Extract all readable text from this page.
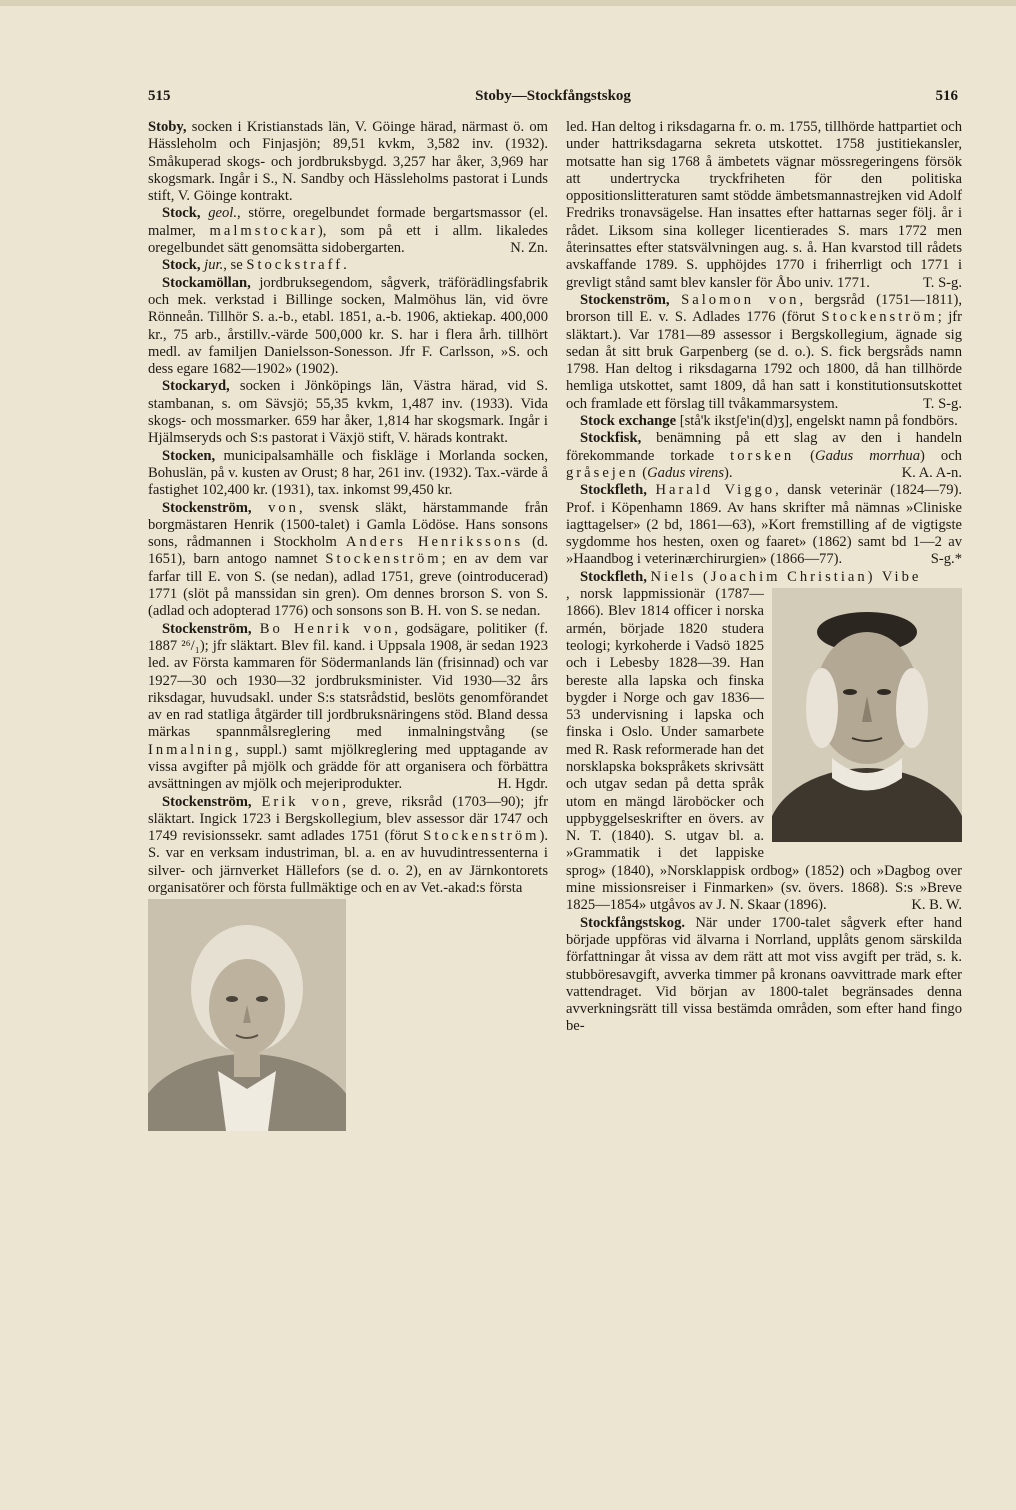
515	Stoby—Stockfångstskog	516

Stoby, socken i Kristianstads län, V. Göinge härad, närmast ö. om Hässleholm och Finjasjön; 89,51 kvkm, 3,582 inv. (1932). Småkuperad skogs- och jordbruksbygd. 3,257 har åker, 3,969 har skogsmark. Ingår i S., N. Sandby och Hässleholms pastorat i Lunds stift, V. Göinge kontrakt.

Stock, geol., större, oregelbundet formade bergartsmassor (el. malmer, malmstockar), som på ett i allm. likaledes oregelbundet sätt genomsätta sidobergarten.	N. Zn.

Stock, jur., se Stockstraff.

Stockamöllan, jordbruksegendom, sågverk, träförädlingsfabrik och mek. verkstad i Billinge socken, Malmöhus län, vid övre Rönneån. Tillhör S. a.-b., etabl. 1851, a.-b. 1906, aktiekap. 400,000 kr., 75 arb., årstillv.-värde 500,000 kr. S. har i flera årh. tillhört medl. av familjen Danielsson-Sonesson. Jfr F. Carlsson, »S. och dess egare 1682—1902» (1902).

Stockaryd, socken i Jönköpings län, Västra härad, vid S. stambanan, s. om Sävsjö; 55,35 kvkm, 1,487 inv. (1933). Vida skogs- och mossmarker. 659 har åker, 1,814 har skogsmark. Ingår i Hjälmseryds och S:s pastorat i Växjö stift, V. härads kontrakt.

Stocken, municipalsamhälle och fiskläge i Morlanda socken, Bohuslän, på v. kusten av Orust; 8 har, 261 inv. (1932). Tax.-värde å fastighet 102,400 kr. (1931), tax. inkomst 99,450 kr.

Stockenström, von, svensk släkt, härstammande från borgmästaren Henrik (1500-talet) i Gamla Lödöse. Hans sonsons sons, rådmannen i Stockholm Anders Henrikssons (d. 1651), barn antogo namnet Stockenström; en av dem var farfar till E. von S. (se nedan), adlad 1751, greve (ointroducerad) 1771 (slöt på manssidan sin gren). Om dennes brorson S. von S. (adlad och adopterad 1776) och sonsons son B. H. von S. se nedan.

Stockenström, Bo Henrik von, godsägare, politiker (f. 1887 ²⁶/₁); jfr släktart. Blev fil. kand. i Uppsala 1908, är sedan 1923 led. av Första kammaren för Södermanlands län (frisinnad) och var 1927—30 och 1930—32 jordbruksminister. Vid 1930—32 års riksdagar, huvudsakl. under S:s statsrådstid, beslöts genomförandet av en rad statliga åtgärder till jordbruksnäringens stöd. Bland dessa märkas spannmålsreglering med inmalningstvång (se Inmalning, suppl.) samt mjölkreglering med upptagande av vissa avgifter på mjölk och grädde för att organisera och förbättra avsättningen av mjölk och mejeriprodukter.	H. Hgdr.

Stockenström, Erik von, greve, riksråd (1703—90); jfr släktart. Ingick 1723 i Bergskollegium, blev assessor där 1747 och 1749 revisionssekr. samt adlades 1751 (förut Stockenström). S. var en verksam industriman, bl. a. en av huvudintressenterna i silver- och järnverket Hällefors (se d. o. 2), en av Järnkontorets organisatörer och första fullmäktige och en av Vet.-akad:s första

led. Han deltog i riksdagarna fr. o. m. 1755, tillhörde hattpartiet och under hattriksdagarna sekreta utskottet. 1758 justitiekansler, motsatte han sig 1768 å ämbetets vägnar mössregeringens försök att undertrycka tryckfriheten för den politiska oppositionslitteraturen samt stödde ämbetsmannastrejken vid Adolf Fredriks tronavsägelse. Han insattes efter hattarnas seger följ. år i rådet. Liksom sina kolleger licentierades S. mars 1772 men återinsattes efter statsvälvningen aug. s. å. Han kvarstod till rådets avskaffande 1789. S. upphöjdes 1770 i friherrligt och 1771 i grevligt stånd samt blev kansler för Åbo univ. 1771.	T. S-g.

Stockenström, Salomon von, bergsråd (1751—1811), brorson till E. v. S. Adlades 1776 (förut Stockenström; jfr släktart.). Var 1781—89 assessor i Bergskollegium, ägnade sig sedan åt sitt bruk Garpenberg (se d. o.). S. fick bergsråds namn 1798. Han deltog i riksdagarna 1792 och 1800, då han tillhörde hemliga utskottet, samt 1809, då han satt i konstitutionsutskottet och framlade ett förslag till tvåkammarsystem.	T. S-g.

Stock exchange [stå'k ikstʃe'in(d)ʒ], engelskt namn på fondbörs.

Stockfisk, benämning på ett slag av den i handeln förekommande torkade torsken (Gadus morrhua) och gråsejen (Gadus virens).	K. A. A-n.

Stockfleth, Harald Viggo, dansk veterinär (1824—79). Prof. i Köpenhamn 1869. Av hans skrifter må nämnas »Cliniske iagttagelser» (2 bd, 1861—63), »Kort fremstilling af de vigtigste sygdomme hos hesten, oxen og faaret» (1862) samt bd 1—2 av »Haandbog i veterinærchirurgien» (1866—77).	S-g.*

Stockfleth, Niels (Joachim Christian) Vibe

, norsk lappmissionär (1787—1866). Blev 1814 officer i norska armén, började 1820 studera teologi; kyrkoherde i Vadsö 1825 och i Lebesby 1828—39. Han bereste alla lapska och finska bygder i Norge och gav 1836—53 undervisning i lapska och finska i Oslo. Under samarbete med R. Rask reformerade han det norsklapska bokspråkets skrivsätt och utgav sedan på detta språk utom en mängd läroböcker och uppbyggelseskrifter en övers. av N. T. (1840). S. utgav bl. a. »Grammatik i det lappiske sprog» (1840), »Norsklappisk ordbog» (1852) och »Dagbog over mine missionsreiser i Finmarken» (sv. övers. 1868). S:s »Breve 1825—1854» utgåvos av J. N. Skaar (1896).	K. B. W.

Stockfångstskog. När under 1700-talet sågverk efter hand började uppföras vid älvarna i Norrland, upplåts genom särskilda författningar åt vissa av dem rätt att mot viss avgift per träd, s. k. stubböresavgift, avverka timmer på kronans oavvittrade mark efter vattendraget. Vid början av 1800-talet begränsades denna avverkningsrätt till vissa bestämda områden, som efter hand fingo be-
